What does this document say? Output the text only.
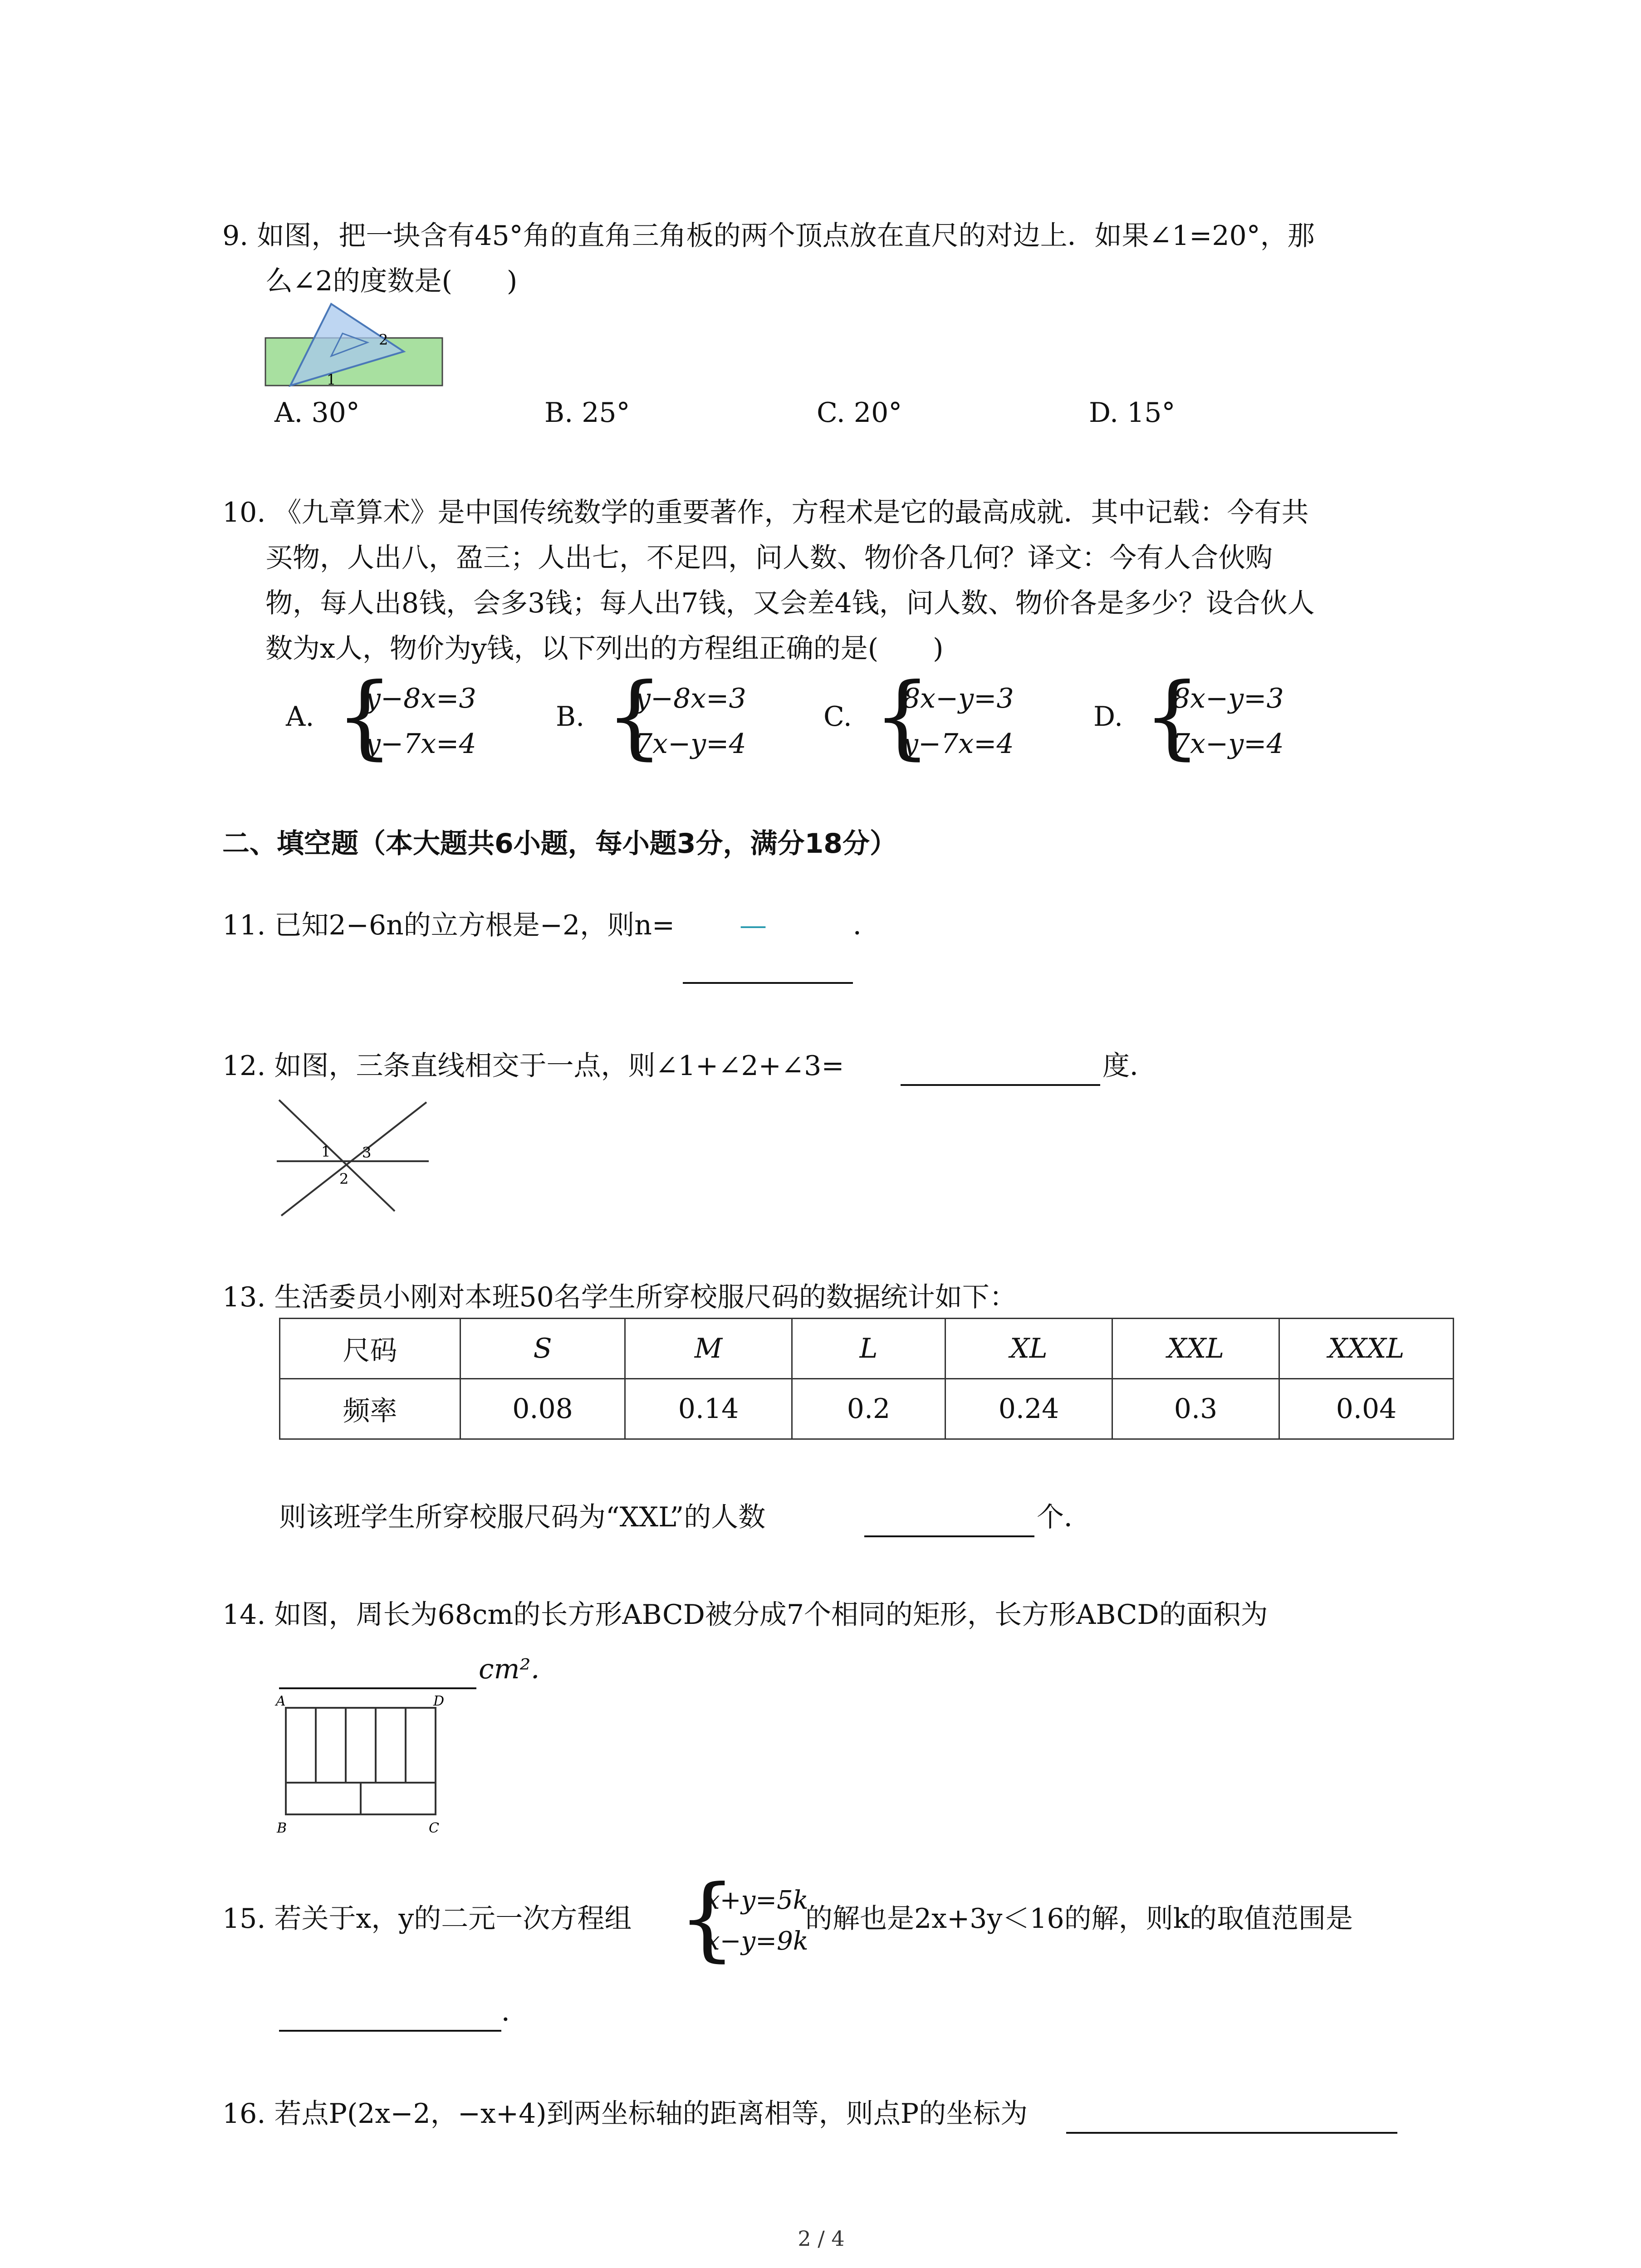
9. 如图，把一块含有45°角的直角三角板的两个顶点放在直尺的对边上．如果∠1=20°，那
么∠2的度数是(　　)
2
1
A. 30°	B. 25°	C. 20°	D. 15°
10. 《九章算术》是中国传统数学的重要著作，方程术是它的最高成就．其中记载：今有共
买物，人出八，盈三；人出七，不足四，问人数、物价各几何？译文：今有人合伙购
物，每人出8钱，会多3钱；每人出7钱，又会差4钱，问人数、物价各是多少？设合伙人
数为x人，物价为y钱，以下列出的方程组正确的是(　　)
A. {
y−8x=3
y−7x=4
B. {
y−8x=3
7x−y=4
C. {
8x−y=3
y−7x=4
D. {
8x−y=3
7x−y=4
二、填空题（本大题共6小题，每小题3分，满分18分）
11. 已知2−6n的立方根是−2，则n= —	．
12. 如图，三条直线相交于一点，则∠1+∠2+∠3=	度．
1
2
3
13. 生活委员小刚对本班50名学生所穿校服尺码的数据统计如下：
尺码	S	M	L	XL	XXL	XXXL
频率	0.08	0.14	0.2	0.24	0.3	0.04
则该班学生所穿校服尺码为“XXL”的人数	个．
14. 如图，周长为68cm的长方形ABCD被分成7个相同的矩形，长方形ABCD的面积为
cm²．
A	D
B	C
15. 若关于x，y的二元一次方程组 {
x+y=5k
x−y=9k
的解也是2x+3y＜16的解，则k的取值范围是
．
16. 若点P(2x−2，−x+4)到两坐标轴的距离相等，则点P的坐标为
2 / 4
